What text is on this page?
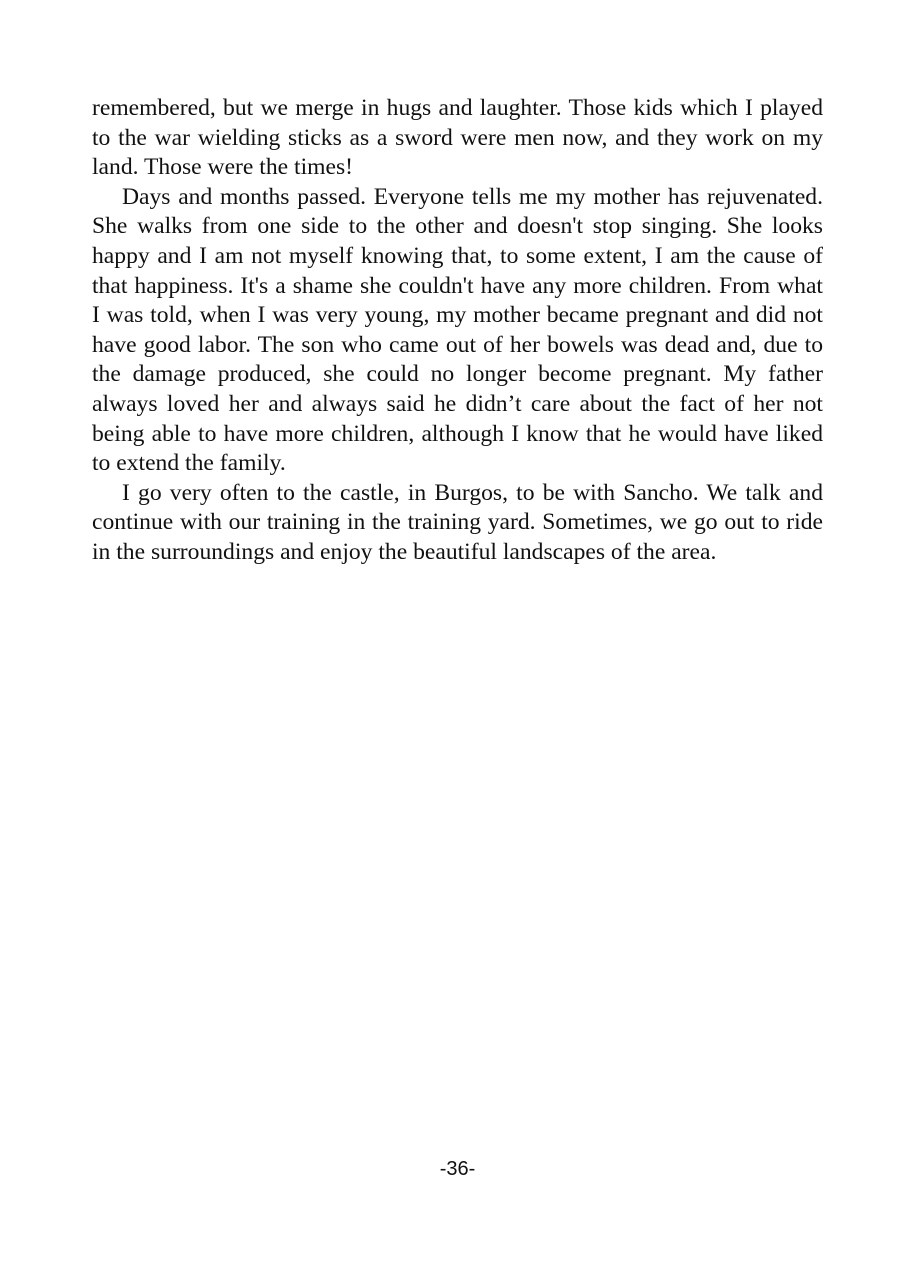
remembered, but we merge in hugs and laughter. Those kids which I played to the war wielding sticks as a sword were men now, and they work on my land. Those were the times!

Days and months passed. Everyone tells me my mother has rejuvenated. She walks from one side to the other and doesn't stop singing. She looks happy and I am not myself knowing that, to some extent, I am the cause of that happiness. It's a shame she couldn't have any more children. From what I was told, when I was very young, my mother became pregnant and did not have good labor. The son who came out of her bowels was dead and, due to the damage produced, she could no longer become pregnant. My father always loved her and always said he didn’t care about the fact of her not being able to have more children, although I know that he would have liked to extend the family.

I go very often to the castle, in Burgos, to be with Sancho. We talk and continue with our training in the training yard. Sometimes, we go out to ride in the surroundings and enjoy the beautiful landscapes of the area.

-36-
